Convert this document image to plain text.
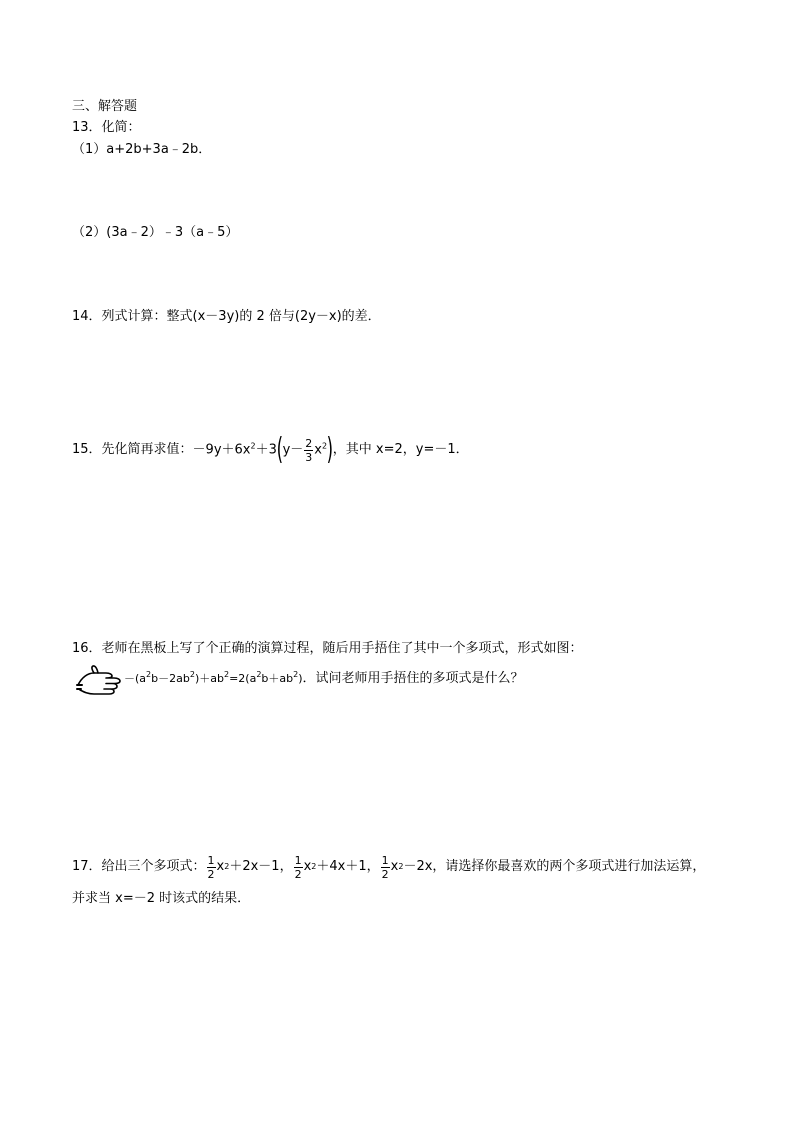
三、解答题
13．化简：
（1）a+2b+3a﹣2b．
（2）(3a﹣2）﹣3（a﹣5）
14．列式计算：整式(x－3y)的 2 倍与(2y－x)的差．
15．先化简再求值： $-9y+6x^2+3(y- \frac{2}{3} x^2)$ ，其中 x=2，y=－1．
16．老师在黑板上写了个正确的演算过程，随后用手捂住了其中一个多项式，形式如图：
$-(a^2b-2ab^2)+ab^2=2(a^2b+ab^2)$．试问老师用手捂住的多项式是什么？
17．给出三个多项式： $\frac{1}{2}$ x 2 ＋2x－1， $\frac{1}{2}$ x 2 ＋4x＋1， $\frac{1}{2}$ x 2 －2x，请选择你最喜欢的两个多项式进行加法运算，
并求当 x=－2 时该式的结果．
